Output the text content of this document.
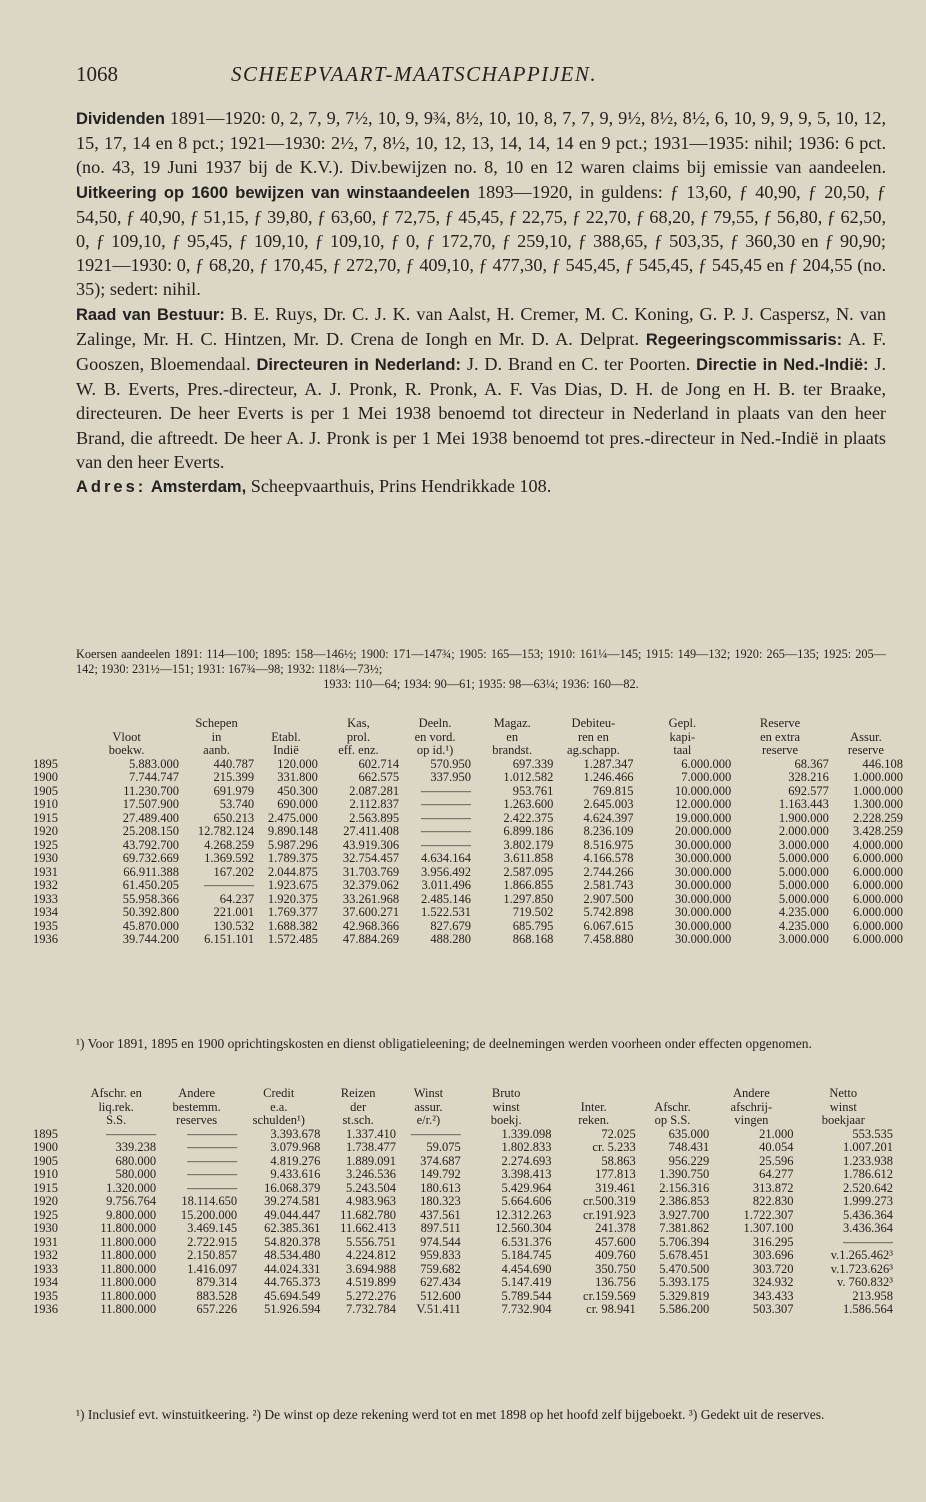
1068	SCHEEPVAART-MAATSCHAPPIJEN.

Dividenden 1891—1920: 0, 2, 7, 9, 7½, 10, 9, 9¾, 8½, 10, 10, 8, 7, 7, 9, 9½, 8½, 8½, 6, 10, 9, 9, 9, 5, 10, 12, 15, 17, 14 en 8 pct.; 1921—1930: 2½, 7, 8½, 10, 12, 13, 14, 14, 14 en 9 pct.; 1931—1935: nihil; 1936: 6 pct. (no. 43, 19 Juni 1937 bij de K.V.). Div.bewijzen no. 8, 10 en 12 waren claims bij emissie van aandeelen. Uitkeering op 1600 bewijzen van winstaandeelen 1893—1920, in guldens: ƒ 13,60, ƒ 40,90, ƒ 20,50, ƒ 54,50, ƒ 40,90, ƒ 51,15, ƒ 39,80, ƒ 63,60, ƒ 72,75, ƒ 45,45, ƒ 22,75, ƒ 22,70, ƒ 68,20, ƒ 79,55, ƒ 56,80, ƒ 62,50, 0, ƒ 109,10, ƒ 95,45, ƒ 109,10, ƒ 109,10, ƒ 0, ƒ 172,70, ƒ 259,10, ƒ 388,65, ƒ 503,35, ƒ 360,30 en ƒ 90,90; 1921—1930: 0, ƒ 68,20, ƒ 170,45, ƒ 272,70, ƒ 409,10, ƒ 477,30, ƒ 545,45, ƒ 545,45, ƒ 545,45 en ƒ 204,55 (no. 35); sedert: nihil.

Raad van Bestuur: B. E. Ruys, Dr. C. J. K. van Aalst, H. Cremer, M. C. Koning, G. P. J. Caspersz, N. van Zalinge, Mr. H. C. Hintzen, Mr. D. Crena de Iongh en Mr. D. A. Delprat. Regeeringscommissaris: A. F. Gooszen, Bloemendaal. Directeuren in Nederland: J. D. Brand en C. ter Poorten. Directie in Ned.-Indië: J. W. B. Everts, Pres.-directeur, A. J. Pronk, R. Pronk, A. F. Vas Dias, D. H. de Jong en H. B. ter Braake, directeuren. De heer Everts is per 1 Mei 1938 benoemd tot directeur in Nederland in plaats van den heer Brand, die aftreedt. De heer A. J. Pronk is per 1 Mei 1938 benoemd tot pres.-directeur in Ned.-Indië in plaats van den heer Everts.

Adres: Amsterdam, Scheepvaarthuis, Prins Hendrikkade 108.

Koersen aandeelen 1891: 114—100; 1895: 158—146½; 1900: 171—147¾; 1905: 165—153; 1910: 161¼—145; 1915: 149—132; 1920: 265—135; 1925: 205—142; 1930: 231½—151; 1931: 167¾—98; 1932: 118¼—73½;
1933: 110—64; 1934: 90—61; 1935: 98—63¼; 1936: 160—82.
		Schepen		Kas,	Deeln.	Magaz.	Debiteu-	Gepl.	Reserve	
	Vloot	in	Etabl.	prol.	en vord.	en	ren en	kapi-	en extra	Assur.
	boekw.	aanb.	Indië	eff. enz.	op id.¹)	brandst.	ag.schapp.	taal	reserve	reserve
1895	5.883.000	440.787	120.000	602.714	570.950	697.339	1.287.347	6.000.000	68.367	446.108
1900	7.744.747	215.399	331.800	662.575	337.950	1.012.582	1.246.466	7.000.000	328.216	1.000.000
1905	11.230.700	691.979	450.300	2.087.281	————	953.761	769.815	10.000.000	692.577	1.000.000
1910	17.507.900	53.740	690.000	2.112.837	————	1.263.600	2.645.003	12.000.000	1.163.443	1.300.000
1915	27.489.400	650.213	2.475.000	2.563.895	————	2.422.375	4.624.397	19.000.000	1.900.000	2.228.259
1920	25.208.150	12.782.124	9.890.148	27.411.408	————	6.899.186	8.236.109	20.000.000	2.000.000	3.428.259
1925	43.792.700	4.268.259	5.987.296	43.919.306	————	3.802.179	8.516.975	30.000.000	3.000.000	4.000.000
1930	69.732.669	1.369.592	1.789.375	32.754.457	4.634.164	3.611.858	4.166.578	30.000.000	5.000.000	6.000.000
1931	66.911.388	167.202	2.044.875	31.703.769	3.956.492	2.587.095	2.744.266	30.000.000	5.000.000	6.000.000
1932	61.450.205	————	1.923.675	32.379.062	3.011.496	1.866.855	2.581.743	30.000.000	5.000.000	6.000.000
1933	55.958.366	64.237	1.920.375	33.261.968	2.485.146	1.297.850	2.907.500	30.000.000	5.000.000	6.000.000
1934	50.392.800	221.001	1.769.377	37.600.271	1.522.531	719.502	5.742.898	30.000.000	4.235.000	6.000.000
1935	45.870.000	130.532	1.688.382	42.968.366	827.679	685.795	6.067.615	30.000.000	4.235.000	6.000.000
1936	39.744.200	6.151.101	1.572.485	47.884.269	488.280	868.168	7.458.880	30.000.000	3.000.000	6.000.000
¹) Voor 1891, 1895 en 1900 oprichtingskosten en dienst obligatieleening; de deelnemingen werden voorheen onder effecten opgenomen.
	Afschr. en	Andere	Credit	Reizen	Winst	Bruto			Andere	Netto
	liq.rek.	bestemm.	e.a.	der	assur.	winst	Inter.	Afschr.	afschrij-	winst
	S.S.	reserves	schulden¹)	st.sch.	e/r.²)	boekj.	reken.	op S.S.	vingen	boekjaar
1895	————	————	3.393.678	1.337.410	————	1.339.098	72.025	635.000	21.000	553.535
1900	339.238	————	3.079.968	1.738.477	59.075	1.802.833	cr. 5.233	748.431	40.054	1.007.201
1905	680.000	————	4.819.276	1.889.091	374.687	2.274.693	58.863	956.229	25.596	1.233.938
1910	580.000	————	9.433.616	3.246.536	149.792	3.398.413	177.813	1.390.750	64.277	1.786.612
1915	1.320.000	————	16.068.379	5.243.504	180.613	5.429.964	319.461	2.156.316	313.872	2.520.642
1920	9.756.764	18.114.650	39.274.581	4.983.963	180.323	5.664.606	cr.500.319	2.386.853	822.830	1.999.273
1925	9.800.000	15.200.000	49.044.447	11.682.780	437.561	12.312.263	cr.191.923	3.927.700	1.722.307	5.436.364
1930	11.800.000	3.469.145	62.385.361	11.662.413	897.511	12.560.304	241.378	7.381.862	1.307.100	3.436.364
1931	11.800.000	2.722.915	54.820.378	5.556.751	974.544	6.531.376	457.600	5.706.394	316.295	————
1932	11.800.000	2.150.857	48.534.480	4.224.812	959.833	5.184.745	409.760	5.678.451	303.696	v.1.265.462³
1933	11.800.000	1.416.097	44.024.331	3.694.988	759.682	4.454.690	350.750	5.470.500	303.720	v.1.723.626³
1934	11.800.000	879.314	44.765.373	4.519.899	627.434	5.147.419	136.756	5.393.175	324.932	v. 760.832³
1935	11.800.000	883.528	45.694.549	5.272.276	512.600	5.789.544	cr.159.569	5.329.819	343.433	213.958
1936	11.800.000	657.226	51.926.594	7.732.784	V.51.411	7.732.904	cr. 98.941	5.586.200	503.307	1.586.564
¹) Inclusief evt. winstuitkeering. ²) De winst op deze rekening werd tot en met 1898 op het hoofd zelf bijgeboekt. ³) Gedekt uit de reserves.
